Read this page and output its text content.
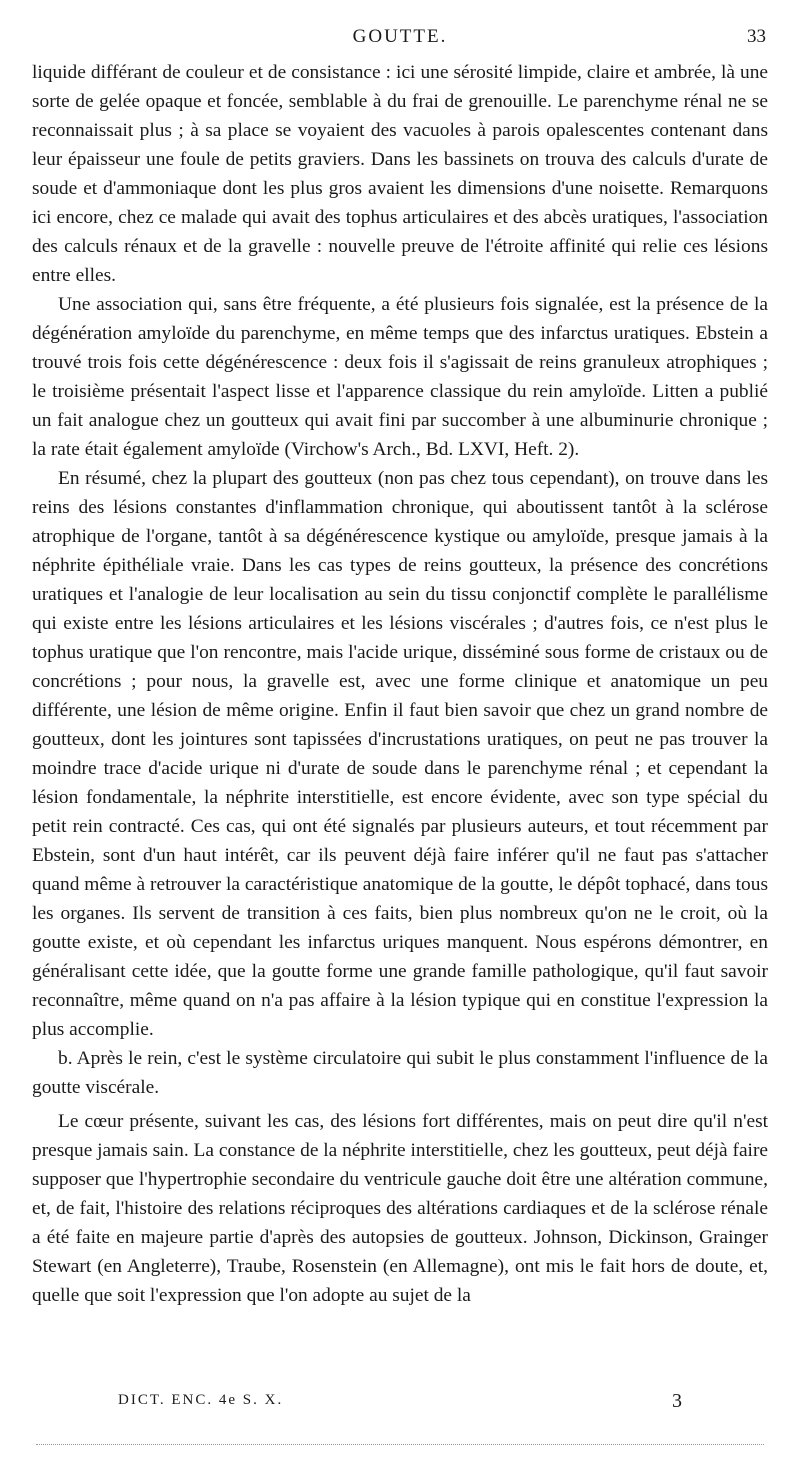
GOUTTE.	33

liquide différant de couleur et de consistance : ici une sérosité limpide, claire et ambrée, là une sorte de gelée opaque et foncée, semblable à du frai de grenouille. Le parenchyme rénal ne se reconnaissait plus ; à sa place se voyaient des vacuoles à parois opalescentes contenant dans leur épaisseur une foule de petits graviers. Dans les bassinets on trouva des calculs d'urate de soude et d'ammoniaque dont les plus gros avaient les dimensions d'une noisette. Remarquons ici encore, chez ce malade qui avait des tophus articulaires et des abcès uratiques, l'association des calculs rénaux et de la gravelle : nouvelle preuve de l'étroite affinité qui relie ces lésions entre elles.

Une association qui, sans être fréquente, a été plusieurs fois signalée, est la présence de la dégénération amyloïde du parenchyme, en même temps que des infarctus uratiques. Ebstein a trouvé trois fois cette dégénérescence : deux fois il s'agissait de reins granuleux atrophiques ; le troisième présentait l'aspect lisse et l'apparence classique du rein amyloïde. Litten a publié un fait analogue chez un goutteux qui avait fini par succomber à une albuminurie chronique ; la rate était également amyloïde (Virchow's Arch., Bd. LXVI, Heft. 2).

En résumé, chez la plupart des goutteux (non pas chez tous cependant), on trouve dans les reins des lésions constantes d'inflammation chronique, qui aboutissent tantôt à la sclérose atrophique de l'organe, tantôt à sa dégénérescence kystique ou amyloïde, presque jamais à la néphrite épithéliale vraie. Dans les cas types de reins goutteux, la présence des concrétions uratiques et l'analogie de leur localisation au sein du tissu conjonctif complète le parallélisme qui existe entre les lésions articulaires et les lésions viscérales ; d'autres fois, ce n'est plus le tophus uratique que l'on rencontre, mais l'acide urique, disséminé sous forme de cristaux ou de concrétions ; pour nous, la gravelle est, avec une forme clinique et anatomique un peu différente, une lésion de même origine. Enfin il faut bien savoir que chez un grand nombre de goutteux, dont les jointures sont tapissées d'incrustations uratiques, on peut ne pas trouver la moindre trace d'acide urique ni d'urate de soude dans le parenchyme rénal ; et cependant la lésion fondamentale, la néphrite interstitielle, est encore évidente, avec son type spécial du petit rein contracté. Ces cas, qui ont été signalés par plusieurs auteurs, et tout récemment par Ebstein, sont d'un haut intérêt, car ils peuvent déjà faire inférer qu'il ne faut pas s'attacher quand même à retrouver la caractéristique anatomique de la goutte, le dépôt tophacé, dans tous les organes. Ils servent de transition à ces faits, bien plus nombreux qu'on ne le croit, où la goutte existe, et où cependant les infarctus uriques manquent. Nous espérons démontrer, en généralisant cette idée, que la goutte forme une grande famille pathologique, qu'il faut savoir reconnaître, même quand on n'a pas affaire à la lésion typique qui en constitue l'expression la plus accomplie.

b. Après le rein, c'est le système circulatoire qui subit le plus constamment l'influence de la goutte viscérale.

Le cœur présente, suivant les cas, des lésions fort différentes, mais on peut dire qu'il n'est presque jamais sain. La constance de la néphrite interstitielle, chez les goutteux, peut déjà faire supposer que l'hypertrophie secondaire du ventricule gauche doit être une altération commune, et, de fait, l'histoire des relations réciproques des altérations cardiaques et de la sclérose rénale a été faite en majeure partie d'après des autopsies de goutteux. Johnson, Dickinson, Grainger Stewart (en Angleterre), Traube, Rosenstein (en Allemagne), ont mis le fait hors de doute, et, quelle que soit l'expression que l'on adopte au sujet de la

DICT. ENC. 4e S. X.	3
